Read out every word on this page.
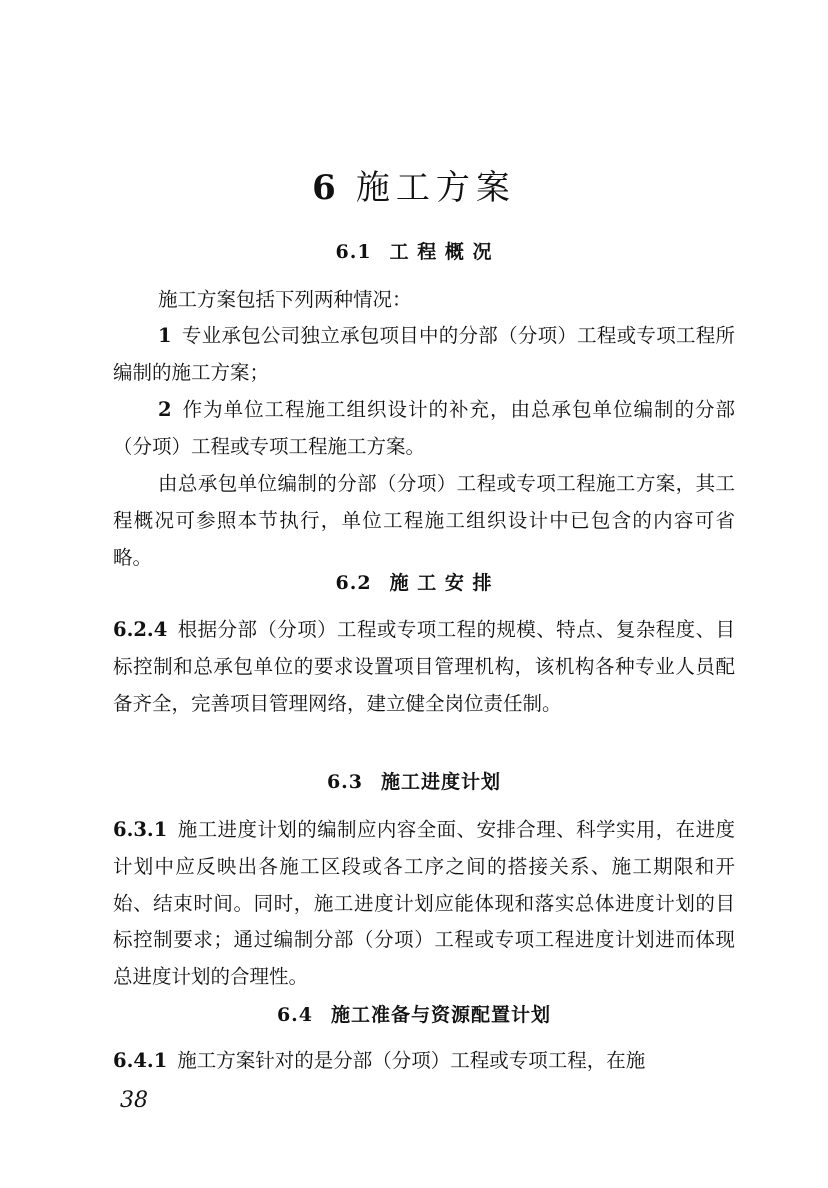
6 施工方案
6.1 工 程 概 况

施工方案包括下列两种情况：

1 专业承包公司独立承包项目中的分部（分项）工程或专项工程所编制的施工方案；

2 作为单位工程施工组织设计的补充，由总承包单位编制的分部（分项）工程或专项工程施工方案。

由总承包单位编制的分部（分项）工程或专项工程施工方案，其工程概况可参照本节执行，单位工程施工组织设计中已包含的内容可省略。

6.2 施 工 安 排

6.2.4 根据分部（分项）工程或专项工程的规模、特点、复杂程度、目标控制和总承包单位的要求设置项目管理机构，该机构各种专业人员配备齐全，完善项目管理网络，建立健全岗位责任制。

6.3 施工进度计划

6.3.1 施工进度计划的编制应内容全面、安排合理、科学实用，在进度计划中应反映出各施工区段或各工序之间的搭接关系、施工期限和开始、结束时间。同时，施工进度计划应能体现和落实总体进度计划的目标控制要求；通过编制分部（分项）工程或专项工程进度计划进而体现总进度计划的合理性。

6.4 施工准备与资源配置计划

6.4.1 施工方案针对的是分部（分项）工程或专项工程，在施

38
